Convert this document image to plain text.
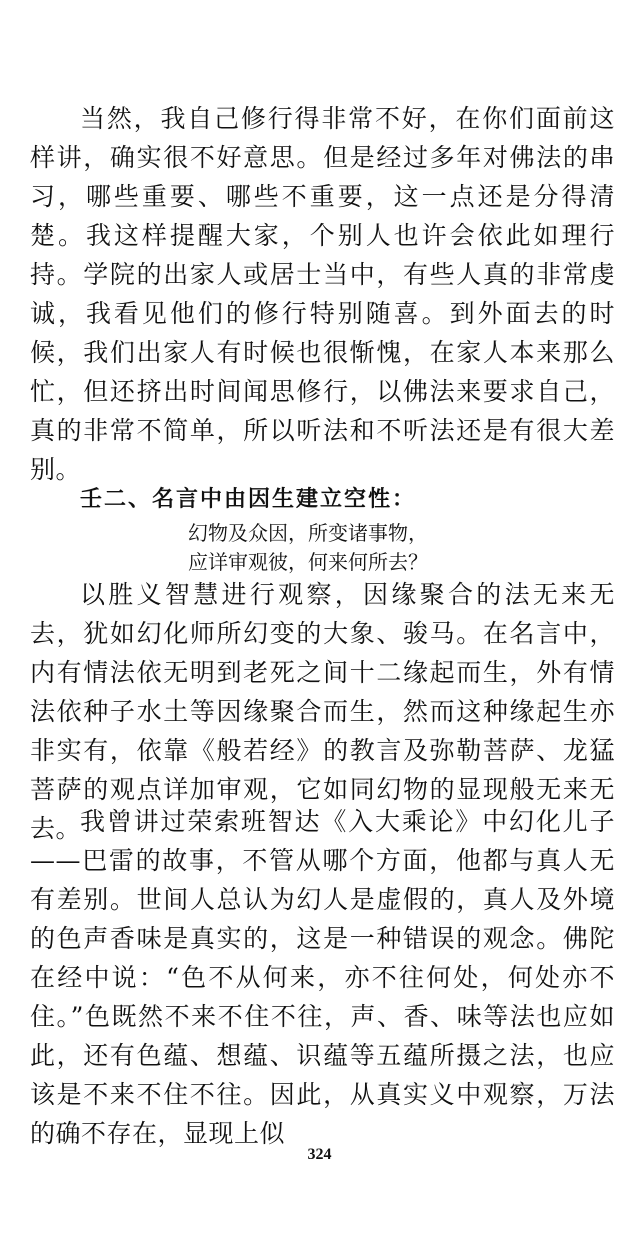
当然，我自己修行得非常不好，在你们面前这样讲，确实很不好意思。但是经过多年对佛法的串习，哪些重要、哪些不重要，这一点还是分得清楚。我这样提醒大家，个别人也许会依此如理行持。学院的出家人或居士当中，有些人真的非常虔诚，我看见他们的修行特别随喜。到外面去的时候，我们出家人有时候也很惭愧，在家人本来那么忙，但还挤出时间闻思修行，以佛法来要求自己，真的非常不简单，所以听法和不听法还是有很大差别。

壬二、名言中由因生建立空性：

幻物及众因，所变诸事物，

应详审观彼，何来何所去？

以胜义智慧进行观察，因缘聚合的法无来无去，犹如幻化师所幻变的大象、骏马。在名言中，内有情法依无明到老死之间十二缘起而生，外有情法依种子水土等因缘聚合而生，然而这种缘起生亦非实有，依靠《般若经》的教言及弥勒菩萨、龙猛菩萨的观点详加审观，它如同幻物的显现般无来无去。

我曾讲过荣索班智达《入大乘论》中幻化儿子——巴雷的故事，不管从哪个方面，他都与真人无有差别。世间人总认为幻人是虚假的，真人及外境的色声香味是真实的，这是一种错误的观念。佛陀在经中说：“色不从何来，亦不往何处，何处亦不住。”色既然不来不住不往，声、香、味等法也应如此，还有色蕴、想蕴、识蕴等五蕴所摄之法，也应该是不来不住不往。因此，从真实义中观察，万法的确不存在，显现上似

324
